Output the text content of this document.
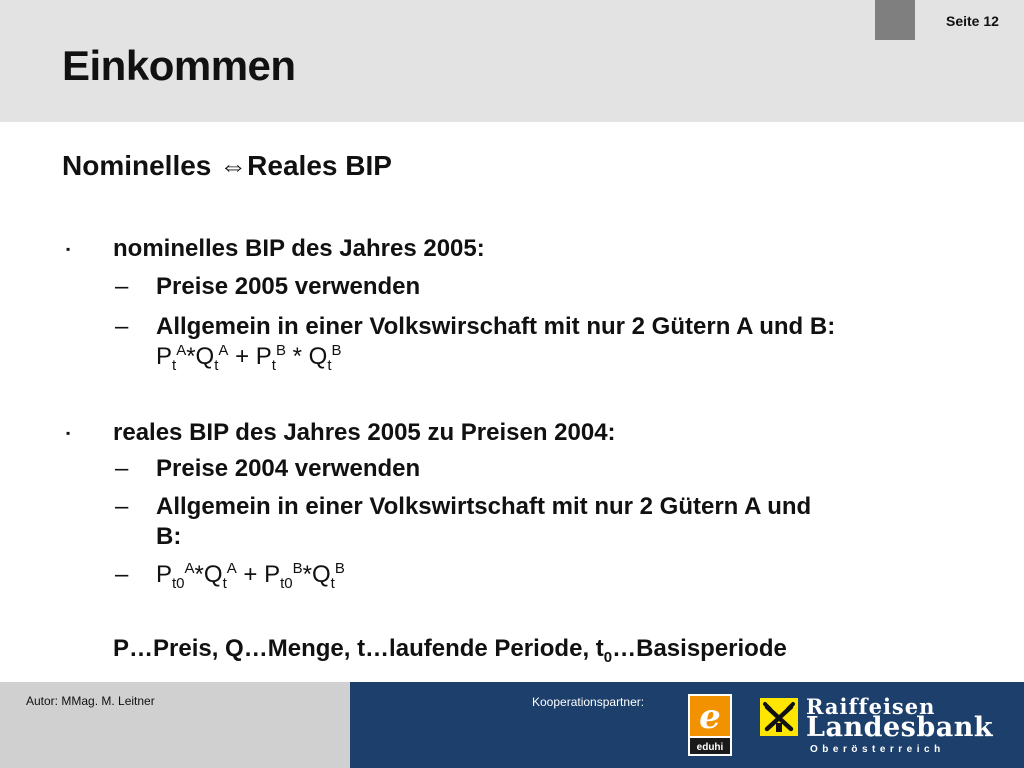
Einkommen
Seite 12
Nominelles ⇔Reales BIP
▪ nominelles BIP des Jahres 2005:
– Preise 2005 verwenden
– Allgemein in einer Volkswirschaft mit nur 2 Gütern A und B:
$P_t^A*Q_t^A + P_t^B * Q_t^B$
▪ reales BIP des Jahres 2005 zu Preisen 2004:
– Preise 2004 verwenden
– Allgemein in einer Volkswirtschaft mit nur 2 Gütern A und
B:
– $P_{t0}^A*Q_t^A + P_{t0}^B*Q_t^B$
P…Preis, Q…Menge, t…laufende Periode, $t_0\dots Basisperiode$
Autor: MMag. M. Leitner	Kooperationspartner: e
eduhi
Raiffeisen
Landesbank
Oberösterreich
